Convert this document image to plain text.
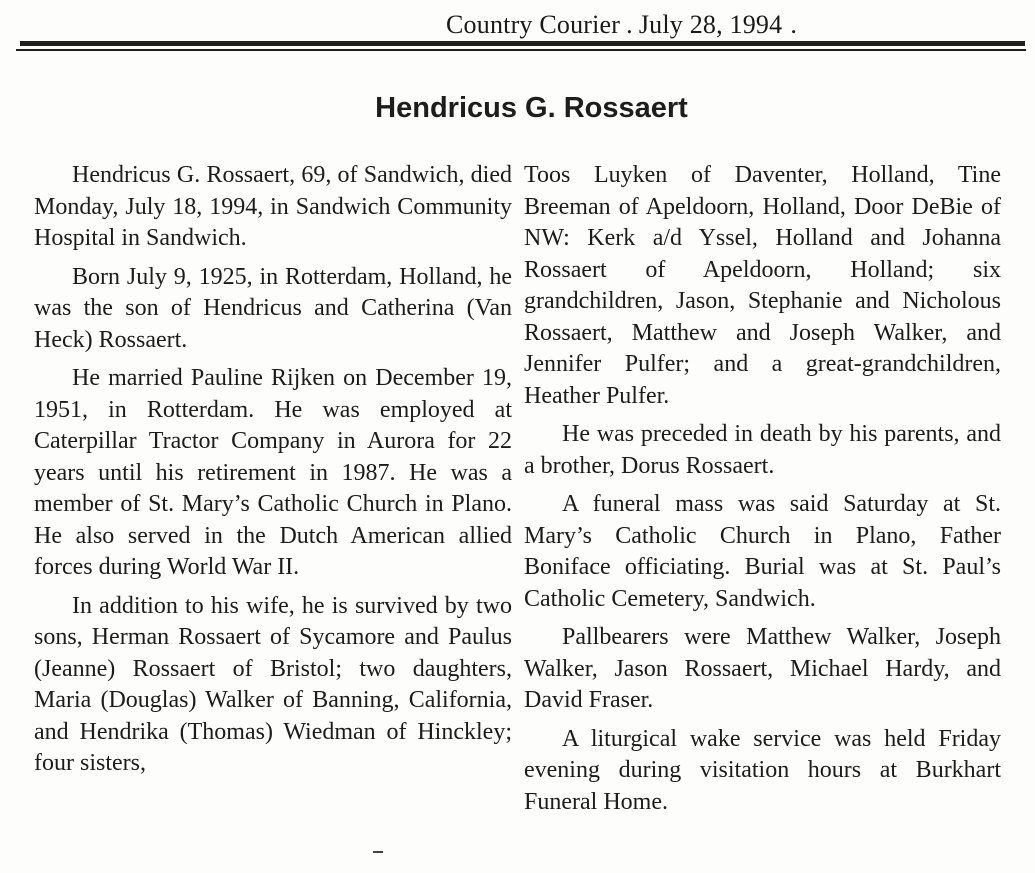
Country Courier . July 28, 1994 .
Hendricus G. Rossaert

Hendricus G. Rossaert, 69, of Sandwich, died Monday, July 18, 1994, in Sandwich Community Hospital in Sandwich.

Born July 9, 1925, in Rotterdam, Holland, he was the son of Hendricus and Catherina (Van Heck) Rossaert.

He married Pauline Rijken on December 19, 1951, in Rotterdam. He was employed at Caterpillar Tractor Company in Aurora for 22 years until his retirement in 1987. He was a member of St. Mary’s Catholic Church in Plano. He also served in the Dutch American allied forces during World War II.

In addition to his wife, he is survived by two sons, Herman Rossaert of Sycamore and Paulus (Jeanne) Rossaert of Bristol; two daughters, Maria (Douglas) Walker of Banning, California, and Hendrika (Thomas) Wiedman of Hinckley; four sisters,

Toos Luyken of Daventer, Holland, Tine Breeman of Apeldoorn, Holland, Door DeBie of NW: Kerk a/d Yssel, Holland and Johanna Rossaert of Apeldoorn, Holland; six grandchildren, Jason, Stephanie and Nicholous Rossaert, Matthew and Joseph Walker, and Jennifer Pulfer; and a great-grandchildren, Heather Pulfer.

He was preceded in death by his parents, and a brother, Dorus Rossaert.

A funeral mass was said Saturday at St. Mary’s Catholic Church in Plano, Father Boniface officiating. Burial was at St. Paul’s Catholic Cemetery, Sandwich.

Pallbearers were Matthew Walker, Joseph Walker, Jason Rossaert, Michael Hardy, and David Fraser.

A liturgical wake service was held Friday evening during visitation hours at Burkhart Funeral Home.
